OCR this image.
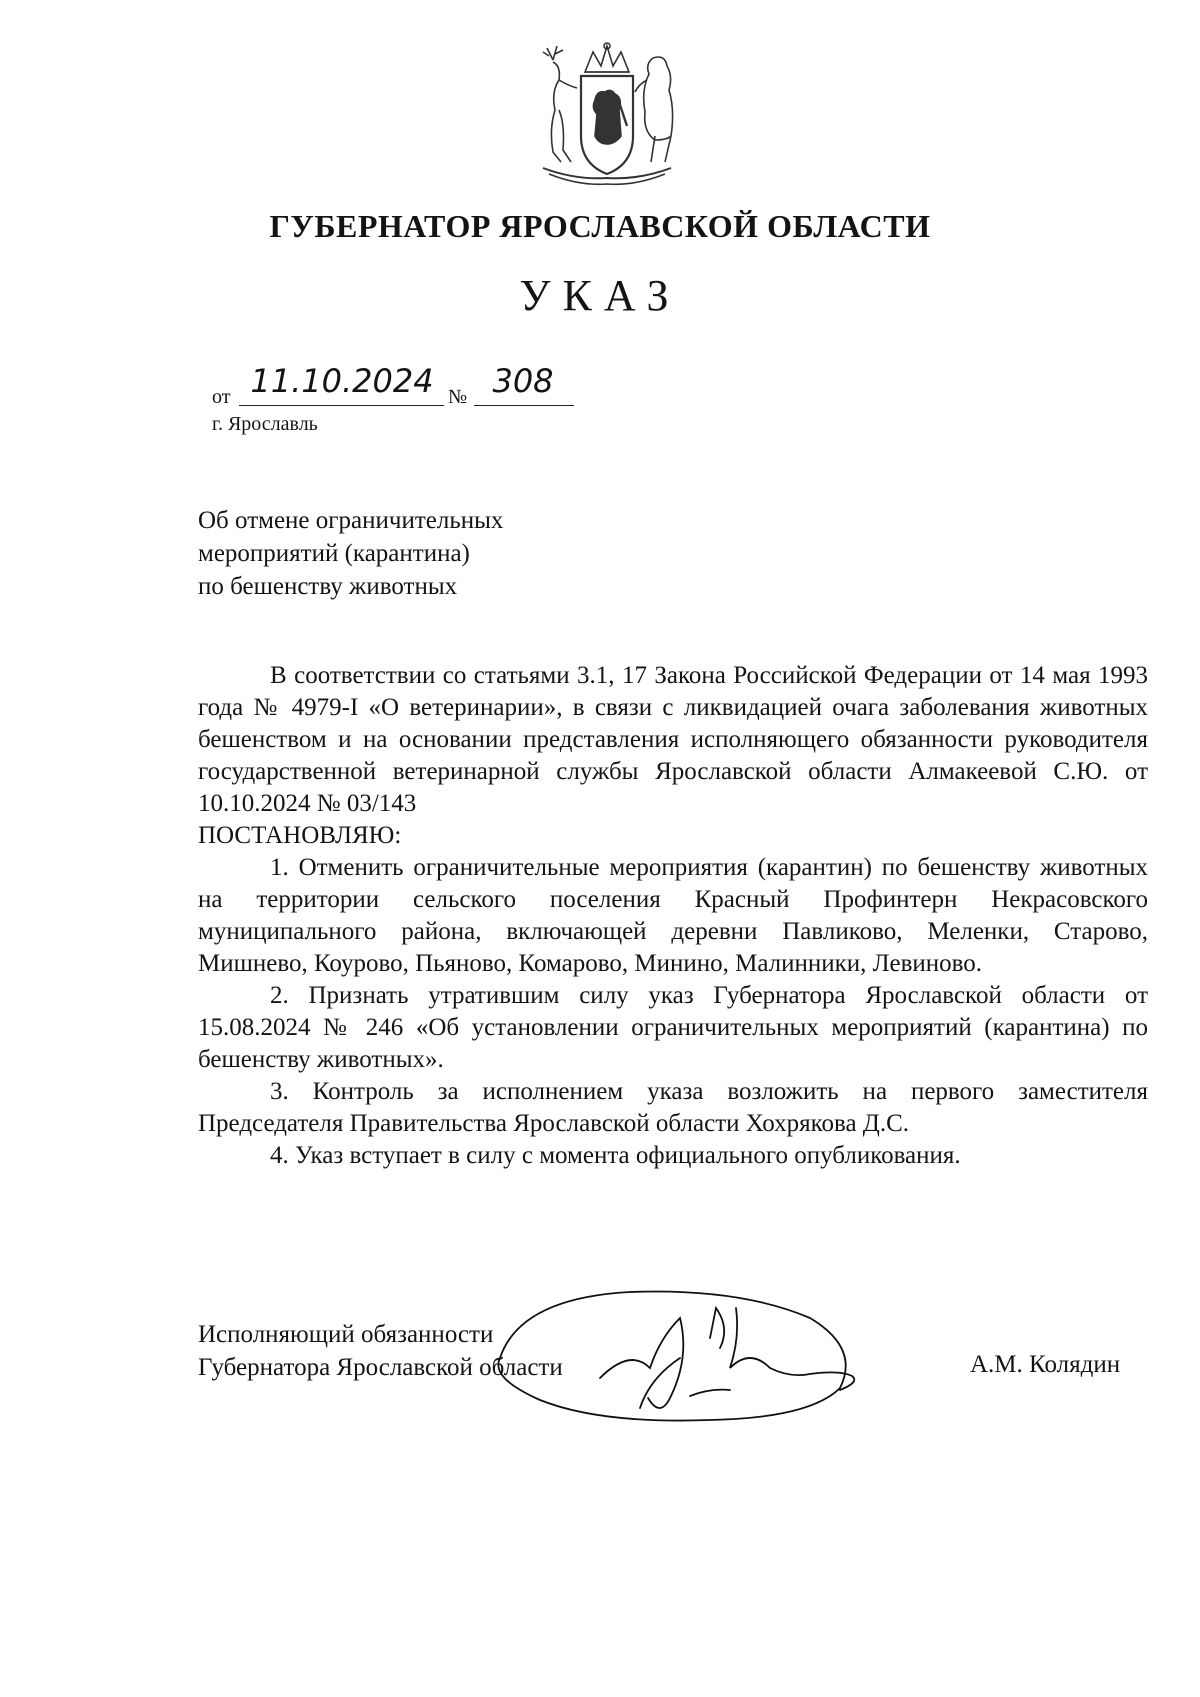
ГУБЕРНАТОР ЯРОСЛАВСКОЙ ОБЛАСТИ
УКАЗ
от 11.10.2024 № 308
г. Ярославль
Об отмене ограничительных
мероприятий (карантина)
по бешенству животных

В соответствии со статьями 3.1, 17 Закона Российской Федерации от 14 мая 1993 года № 4979-I «О ветеринарии», в связи с ликвидацией очага заболевания животных бешенством и на основании представления исполняющего обязанности руководителя государственной ветеринарной службы Ярославской области Алмакеевой С.Ю. от 10.10.2024 № 03/143

ПОСТАНОВЛЯЮ:

1. Отменить ограничительные мероприятия (карантин) по бешенству животных на территории сельского поселения Красный Профинтерн Некрасовского муниципального района, включающей деревни Павликово, Меленки, Старово, Мишнево, Коурово, Пьяново, Комарово, Минино, Малинники, Левиново.

2. Признать утратившим силу указ Губернатора Ярославской области от 15.08.2024 № 246 «Об установлении ограничительных мероприятий (карантина) по бешенству животных».

3. Контроль за исполнением указа возложить на первого заместителя Председателя Правительства Ярославской области Хохрякова Д.С.

4. Указ вступает в силу с момента официального опубликования.

Исполняющий обязанности
Губернатора Ярославской области	А.М. Колядин
